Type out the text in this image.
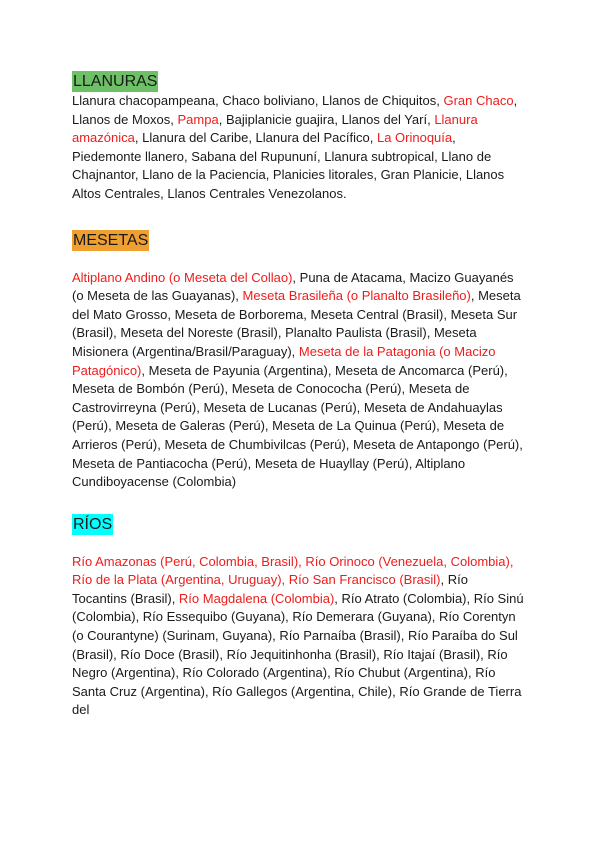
LLANURAS

Llanura chacopampeana, Chaco boliviano, Llanos de Chiquitos, Gran Chaco, Llanos de Moxos, Pampa, Bajiplanicie guajira, Llanos del Yarí, Llanura amazónica, Llanura del Caribe, Llanura del Pacífico, La Orinoquía, Piedemonte llanero, Sabana del Rupununí, Llanura subtropical, Llano de Chajnantor, Llano de la Paciencia, Planicies litorales, Gran Planicie, Llanos Altos Centrales, Llanos Centrales Venezolanos.

MESETAS

Altiplano Andino (o Meseta del Collao), Puna de Atacama, Macizo Guayanés (o Meseta de las Guayanas), Meseta Brasileña (o Planalto Brasileño), Meseta del Mato Grosso, Meseta de Borborema, Meseta Central (Brasil), Meseta Sur (Brasil), Meseta del Noreste (Brasil), Planalto Paulista (Brasil), Meseta Misionera (Argentina/Brasil/Paraguay), Meseta de la Patagonia (o Macizo Patagónico), Meseta de Payunia (Argentina), Meseta de Ancomarca (Perú), Meseta de Bombón (Perú), Meseta de Conococha (Perú), Meseta de Castrovirreyna (Perú), Meseta de Lucanas (Perú), Meseta de Andahuaylas (Perú), Meseta de Galeras (Perú), Meseta de La Quinua (Perú), Meseta de Arrieros (Perú), Meseta de Chumbivilcas (Perú), Meseta de Antapongo (Perú), Meseta de Pantiacocha (Perú), Meseta de Huayllay (Perú), Altiplano Cundiboyacense (Colombia)

RÍOS

Río Amazonas (Perú, Colombia, Brasil), Río Orinoco (Venezuela, Colombia), Río de la Plata (Argentina, Uruguay), Río San Francisco (Brasil), Río Tocantins (Brasil), Río Magdalena (Colombia), Río Atrato (Colombia), Río Sinú (Colombia), Río Essequibo (Guyana), Río Demerara (Guyana), Río Corentyn (o Courantyne) (Surinam, Guyana), Río Parnaíba (Brasil), Río Paraíba do Sul (Brasil), Río Doce (Brasil), Río Jequitinhonha (Brasil), Río Itajaí (Brasil), Río Negro (Argentina), Río Colorado (Argentina), Río Chubut (Argentina), Río Santa Cruz (Argentina), Río Gallegos (Argentina, Chile), Río Grande de Tierra del
